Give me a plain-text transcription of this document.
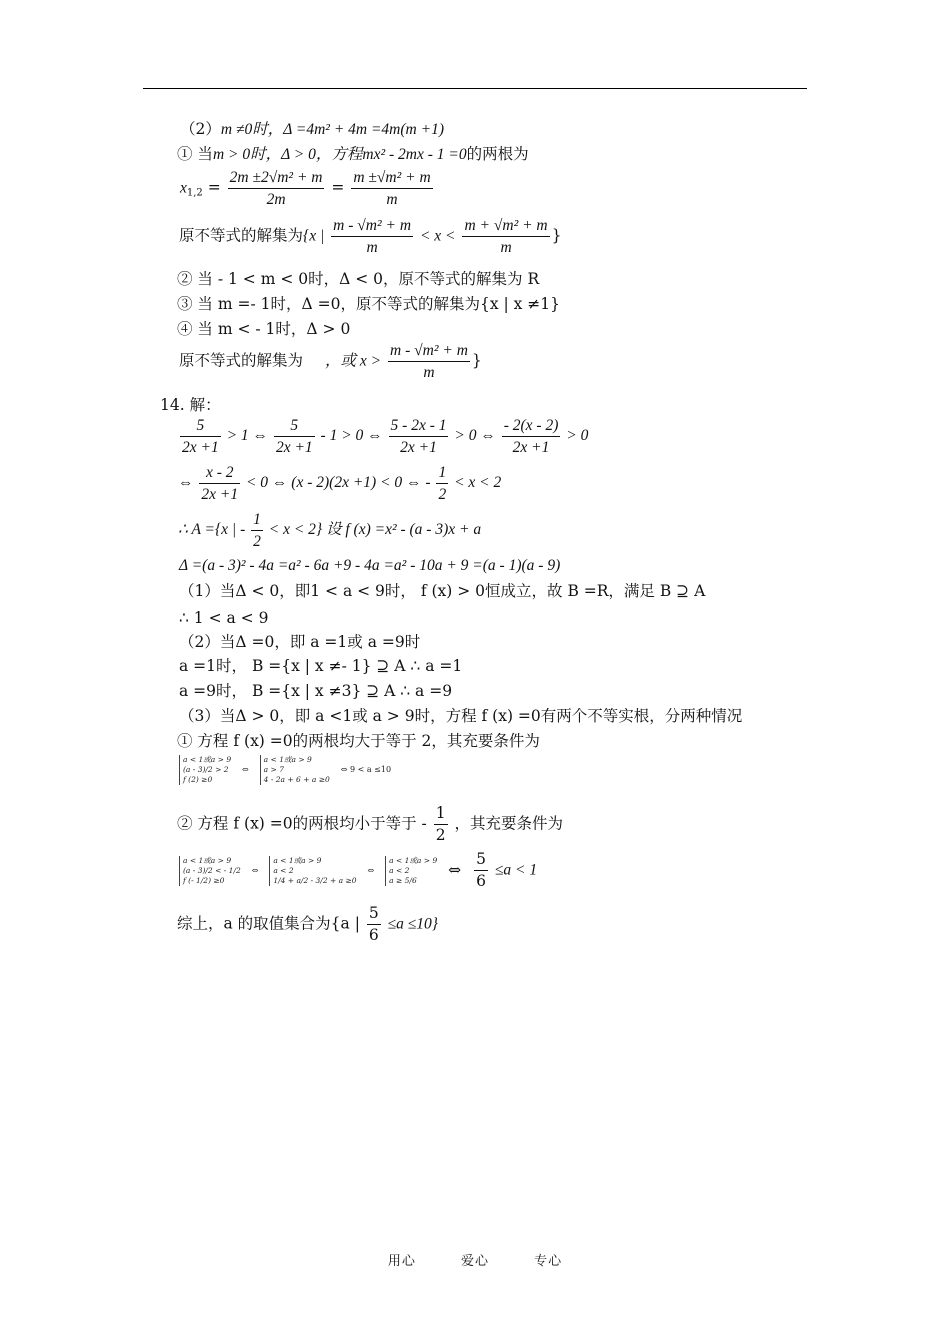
（2）m ≠0时，Δ =4m² + 4m =4m(m +1)
① 当m > 0时，Δ > 0，方程mx² - 2mx - 1 =0的两根为
$x_{1,2} = \frac{\text{2m ±2√m² + m}}{2m} = \frac{\text{m ±√m² + m}}{m}$
原不等式的解集为{x | $\frac{\text{m - √m² + m}}{m} < x < \frac{\text{m + √m² + m}}{m}$ }
② 当 - 1 < m < 0时，Δ < 0，原不等式的解集为 R
③ 当 m =- 1时，Δ =0，原不等式的解集为{x | x ≠1}
④ 当 m < - 1时，Δ > 0
原不等式的解集为 ，或 $x > \frac{\text{m - √m² + m}}{m}$ }
14. 解：
$\frac{5}{2x +1} > 1$ ⇔ $\frac{5}{2x +1} - 1 > 0$ ⇔ $\frac{5 - 2x - 1}{2x +1} > 0$ ⇔ $\frac{- 2(x - 2)}{2x +1} > 0$
⇔ $\frac{x - 2}{2x +1} < 0$ ⇔ (x - 2)(2x +1) < 0 ⇔ - $\frac{1}{2} < x < 2$
∴ A ={x | - $\frac{1}{2} < x < 2$} 设 f (x) =x² - (a - 3)x + a
Δ =(a - 3)² - 4a =a² - 6a +9 - 4a =a² - 10a + 9 =(a - 1)(a - 9)
（1）当Δ < 0，即1 < a < 9时， f (x) > 0恒成立，故 B =R，满足 B ⊇ A
∴ 1 < a < 9
（2）当Δ =0，即 a =1或 a =9时
a =1时， B ={x | x ≠- 1} ⊇ A ∴ a =1
a =9时， B ={x | x ≠3} ⊇ A ∴ a =9
（3）当Δ > 0，即 a <1或 a > 9时，方程 f (x) =0有两个不等实根，分两种情况
① 方程 f (x) =0的两根均大于等于 2，其充要条件为
a < 1或a > 9
(a - 3)/2 > 2
f (2) ≥0
⇔
a < 1或a > 9
a > 7
4 - 2a + 6 + a ≥0
⇔ 9 < a ≤10
② 方程 f (x) =0的两根均小于等于 - $\frac{1}{2}$ ，其充要条件为
a < 1或a > 9
(a - 3)/2 < - 1/2
f (- 1/2) ≥0
⇔
a < 1或a > 9
a < 2
1/4 + a/2 - 3/2 + a ≥0
⇔
a < 1或a > 9
a < 2
a ≥ 5/6
⇔ $\frac{5}{6} \le a < 1$
综上，a 的取值集合为{a | $\frac{5}{6} \le a \le 10$}
用心	爱心	专心
